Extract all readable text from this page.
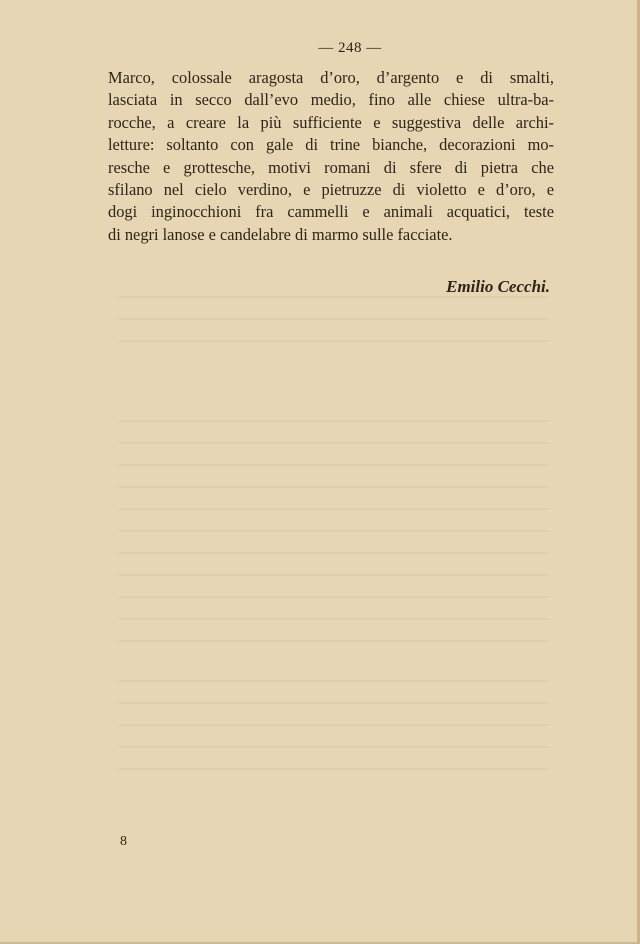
— 248 —
Marco, colossale aragosta d’oro, d’argento e di smalti,
lasciata in secco dall’evo medio, fino alle chiese ultra-ba-
rocche, a creare la più sufficiente e suggestiva delle archi-
letture: soltanto con gale di trine bianche, decorazioni mo-
resche e grottesche, motivi romani di sfere di pietra che
sfilano nel cielo verdino, e pietruzze di violetto e d’oro, e
dogi inginocchioni fra cammelli e animali acquatici, teste
di negri lanose e candelabre di marmo sulle facciate.
Emilio Cecchi.
8
